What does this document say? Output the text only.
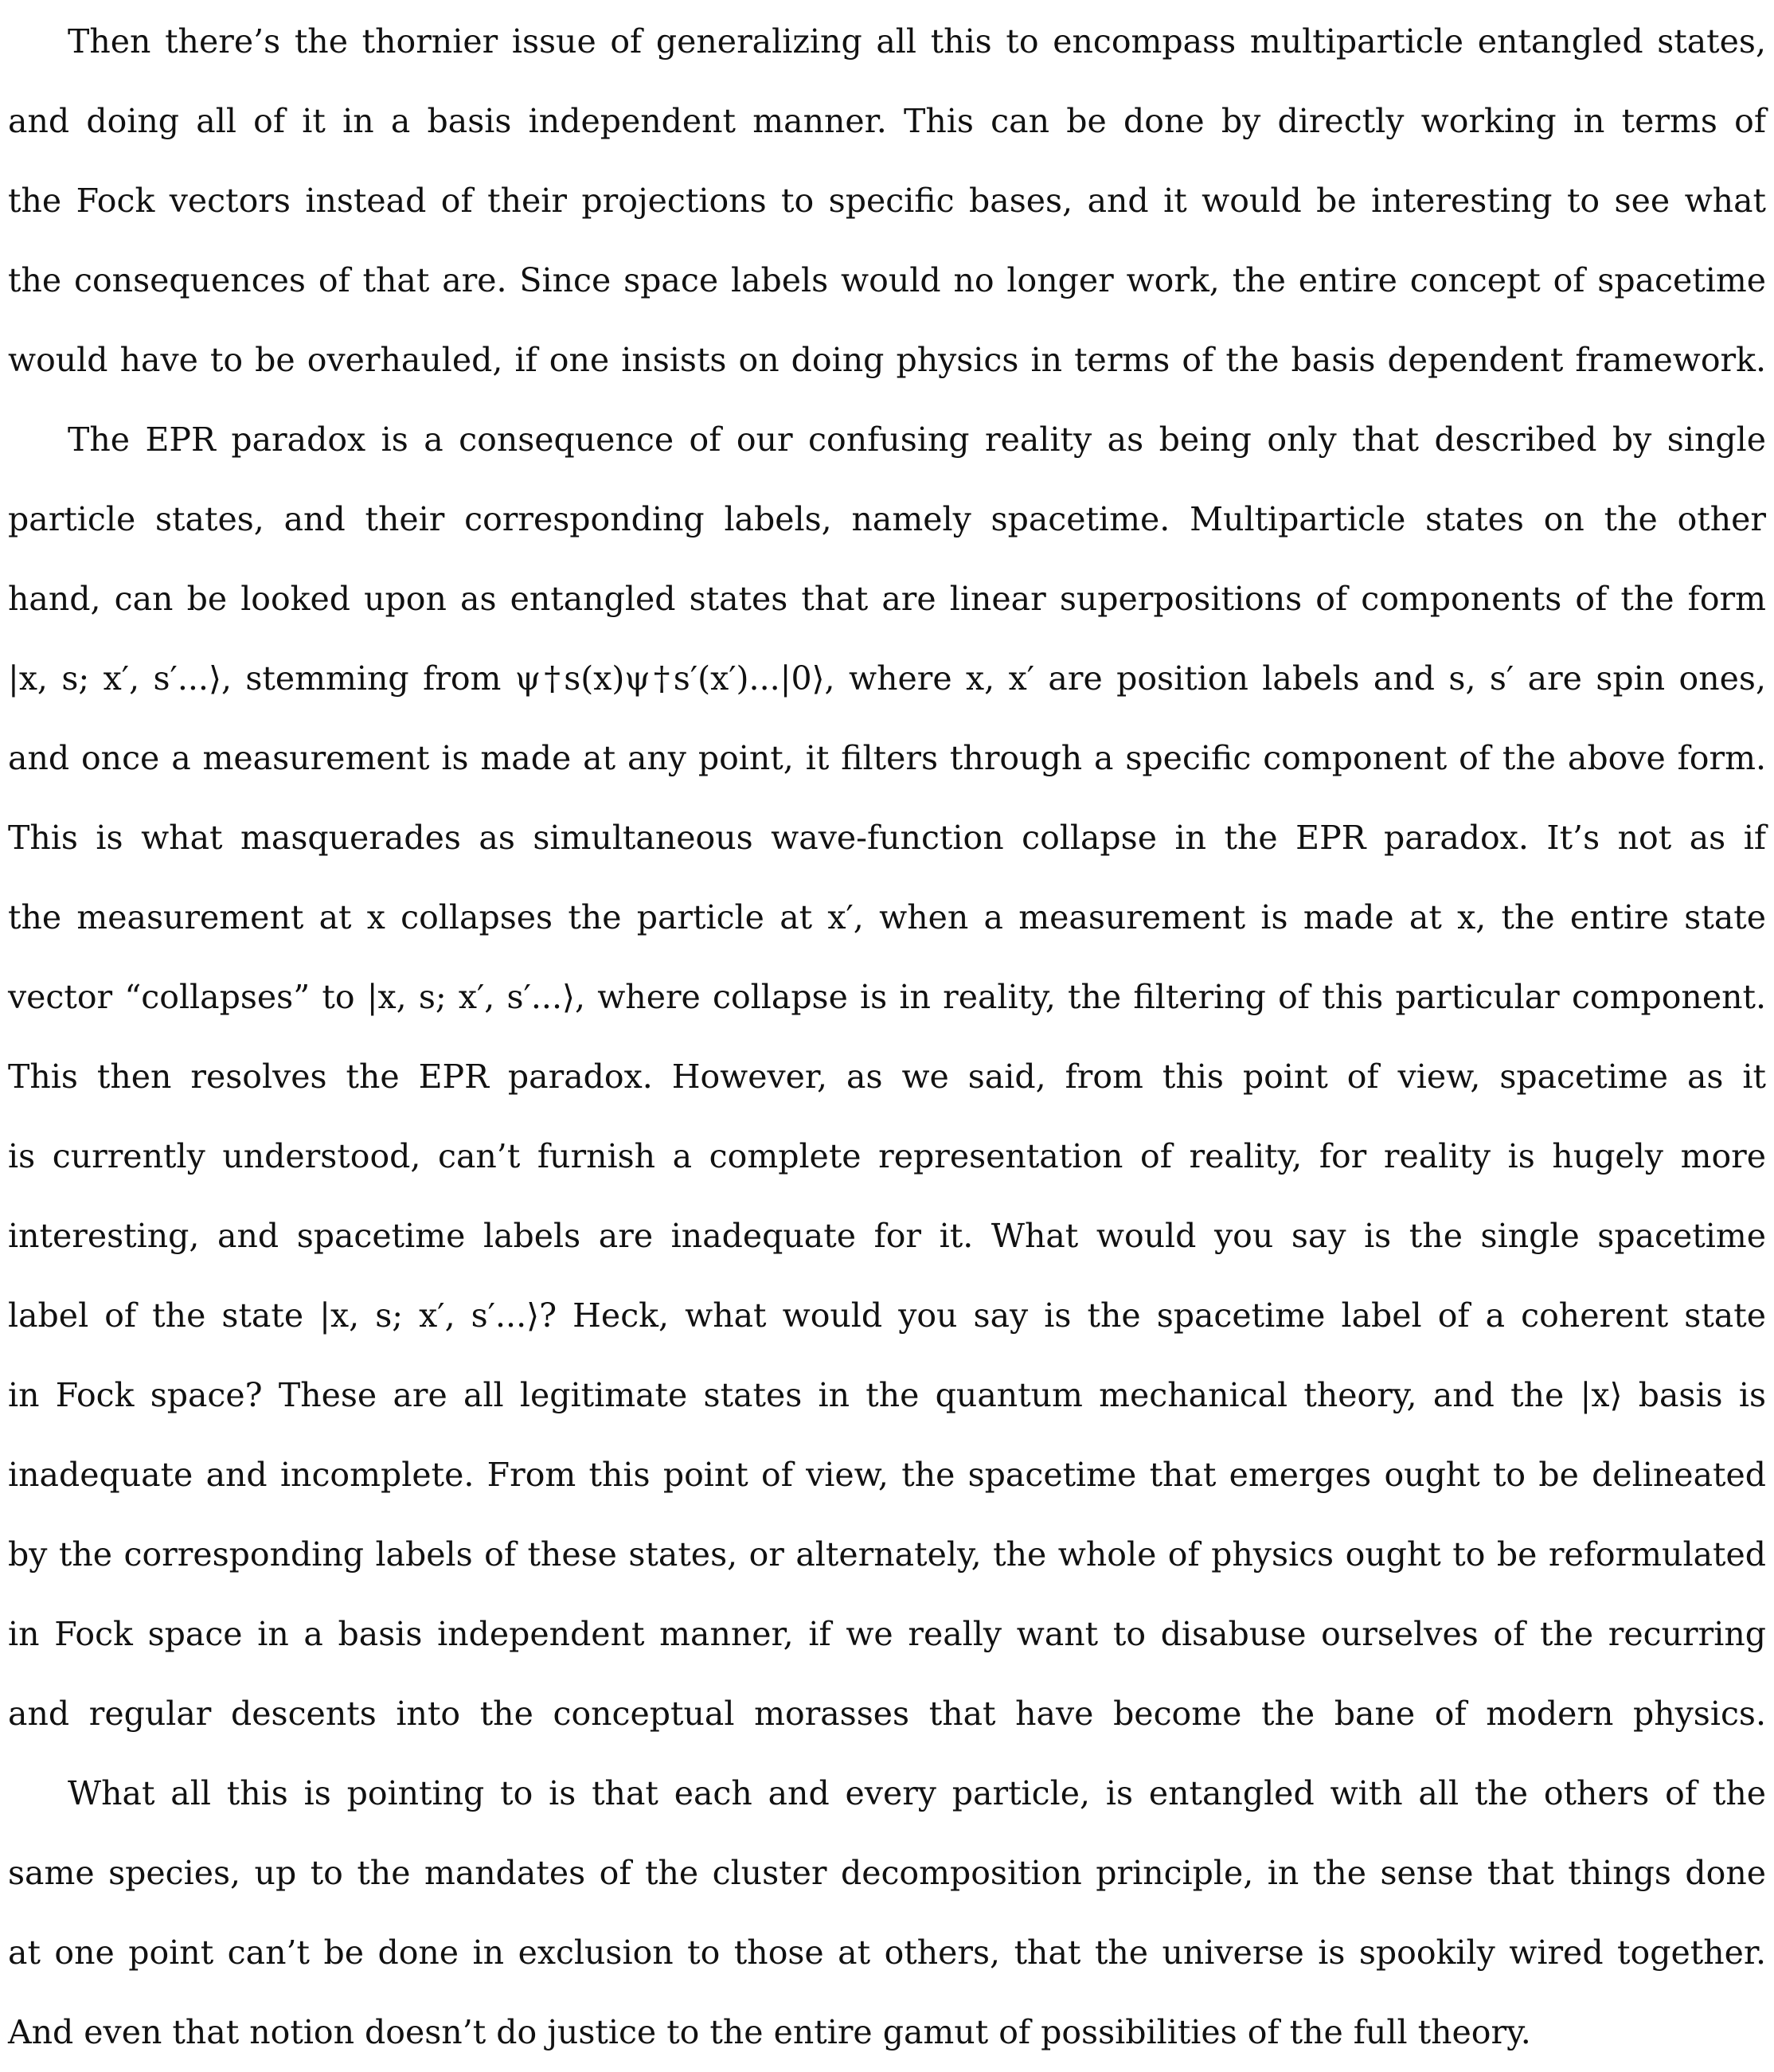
Then there’s the thornier issue of generalizing all this to encompass multiparticle entangled states,
and doing all of it in a basis independent manner. This can be done by directly working in terms of
the Fock vectors instead of their projections to specific bases, and it would be interesting to see what
the consequences of that are. Since space labels would no longer work, the entire concept of spacetime
would have to be overhauled, if one insists on doing physics in terms of the basis dependent framework.
The EPR paradox is a consequence of our confusing reality as being only that described by single
particle states, and their corresponding labels, namely spacetime. Multiparticle states on the other
hand, can be looked upon as entangled states that are linear superpositions of components of the form
|x, s; x′, s′...⟩, stemming from ψ†s(x)ψ†s′(x′)...|0⟩, where x, x′ are position labels and s, s′ are spin ones,
and once a measurement is made at any point, it filters through a specific component of the above form.
This is what masquerades as simultaneous wave-function collapse in the EPR paradox. It’s not as if
the measurement at x collapses the particle at x′, when a measurement is made at x, the entire state
vector “collapses” to |x, s; x′, s′...⟩, where collapse is in reality, the filtering of this particular component.
This then resolves the EPR paradox. However, as we said, from this point of view, spacetime as it
is currently understood, can’t furnish a complete representation of reality, for reality is hugely more
interesting, and spacetime labels are inadequate for it. What would you say is the single spacetime
label of the state |x, s; x′, s′...⟩? Heck, what would you say is the spacetime label of a coherent state
in Fock space? These are all legitimate states in the quantum mechanical theory, and the |x⟩ basis is
inadequate and incomplete. From this point of view, the spacetime that emerges ought to be delineated
by the corresponding labels of these states, or alternately, the whole of physics ought to be reformulated
in Fock space in a basis independent manner, if we really want to disabuse ourselves of the recurring
and regular descents into the conceptual morasses that have become the bane of modern physics.
What all this is pointing to is that each and every particle, is entangled with all the others of the
same species, up to the mandates of the cluster decomposition principle, in the sense that things done
at one point can’t be done in exclusion to those at others, that the universe is spookily wired together.
And even that notion doesn’t do justice to the entire gamut of possibilities of the full theory.
